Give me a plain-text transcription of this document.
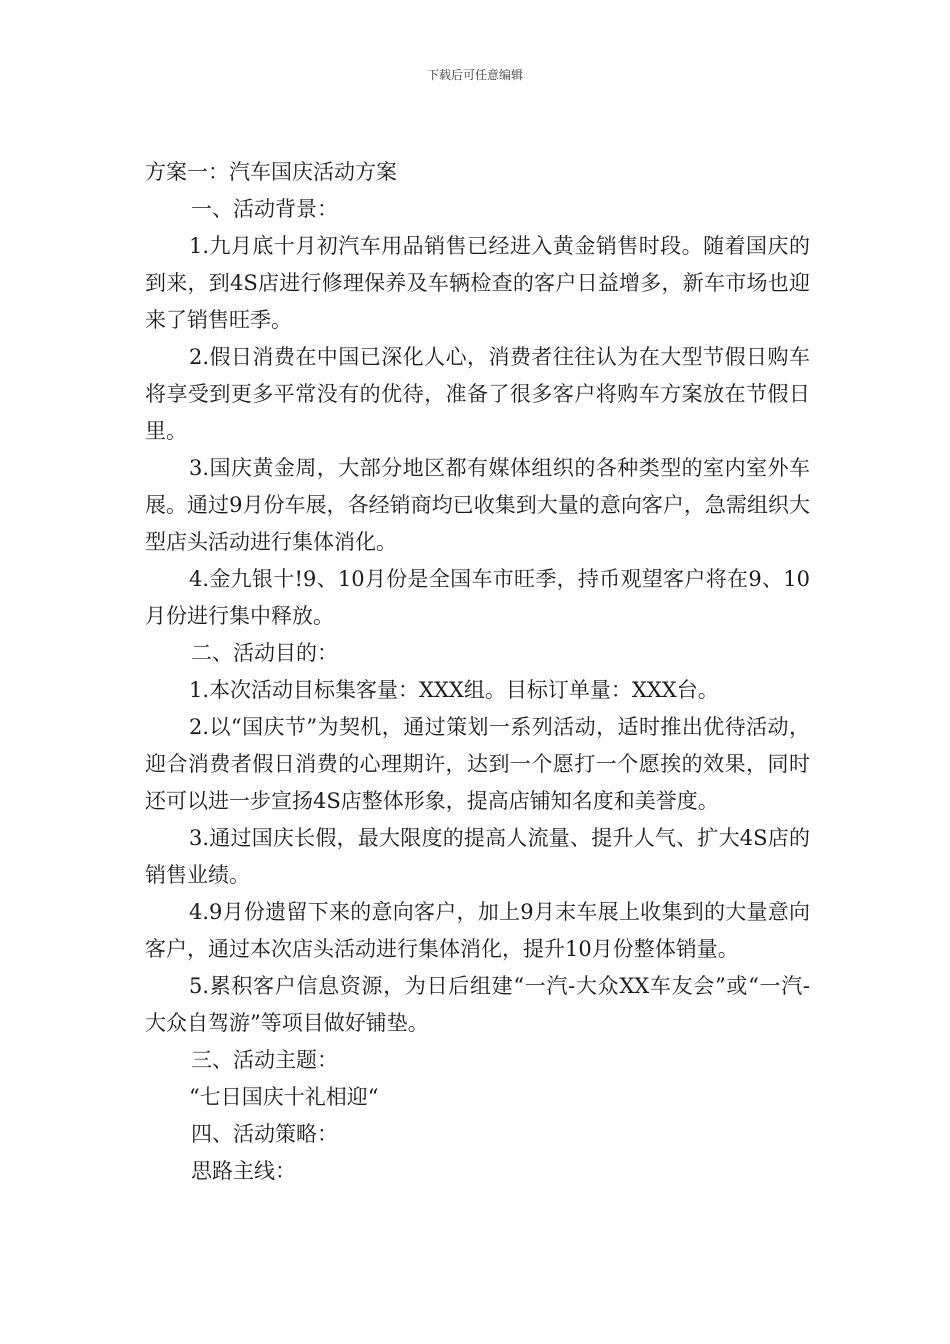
下载后可任意编辑

方案一：汽车国庆活动方案

一、活动背景：

1.九月底十月初汽车用品销售已经进入黄金销售时段。随着国庆的到来，到4S店进行修理保养及车辆检查的客户日益增多，新车市场也迎来了销售旺季。

2.假日消费在中国已深化人心，消费者往往认为在大型节假日购车将享受到更多平常没有的优待，准备了很多客户将购车方案放在节假日里。

3.国庆黄金周，大部分地区都有媒体组织的各种类型的室内室外车展。通过9月份车展，各经销商均已收集到大量的意向客户，急需组织大型店头活动进行集体消化。

4.金九银十!9、10月份是全国车市旺季，持币观望客户将在9、10月份进行集中释放。

二、活动目的：

1.本次活动目标集客量：XXX组。目标订单量：XXX台。

2.以“国庆节”为契机，通过策划一系列活动，适时推出优待活动，迎合消费者假日消费的心理期许，达到一个愿打一个愿挨的效果，同时还可以进一步宣扬4S店整体形象，提高店铺知名度和美誉度。

3.通过国庆长假，最大限度的提高人流量、提升人气、扩大4S店的销售业绩。

4.9月份遗留下来的意向客户，加上9月末车展上收集到的大量意向客户，通过本次店头活动进行集体消化，提升10月份整体销量。

5.累积客户信息资源，为日后组建“一汽-大众XX车友会”或“一汽-大众自驾游”等项目做好铺垫。

三、活动主题：

“七日国庆十礼相迎“

四、活动策略：

思路主线：
